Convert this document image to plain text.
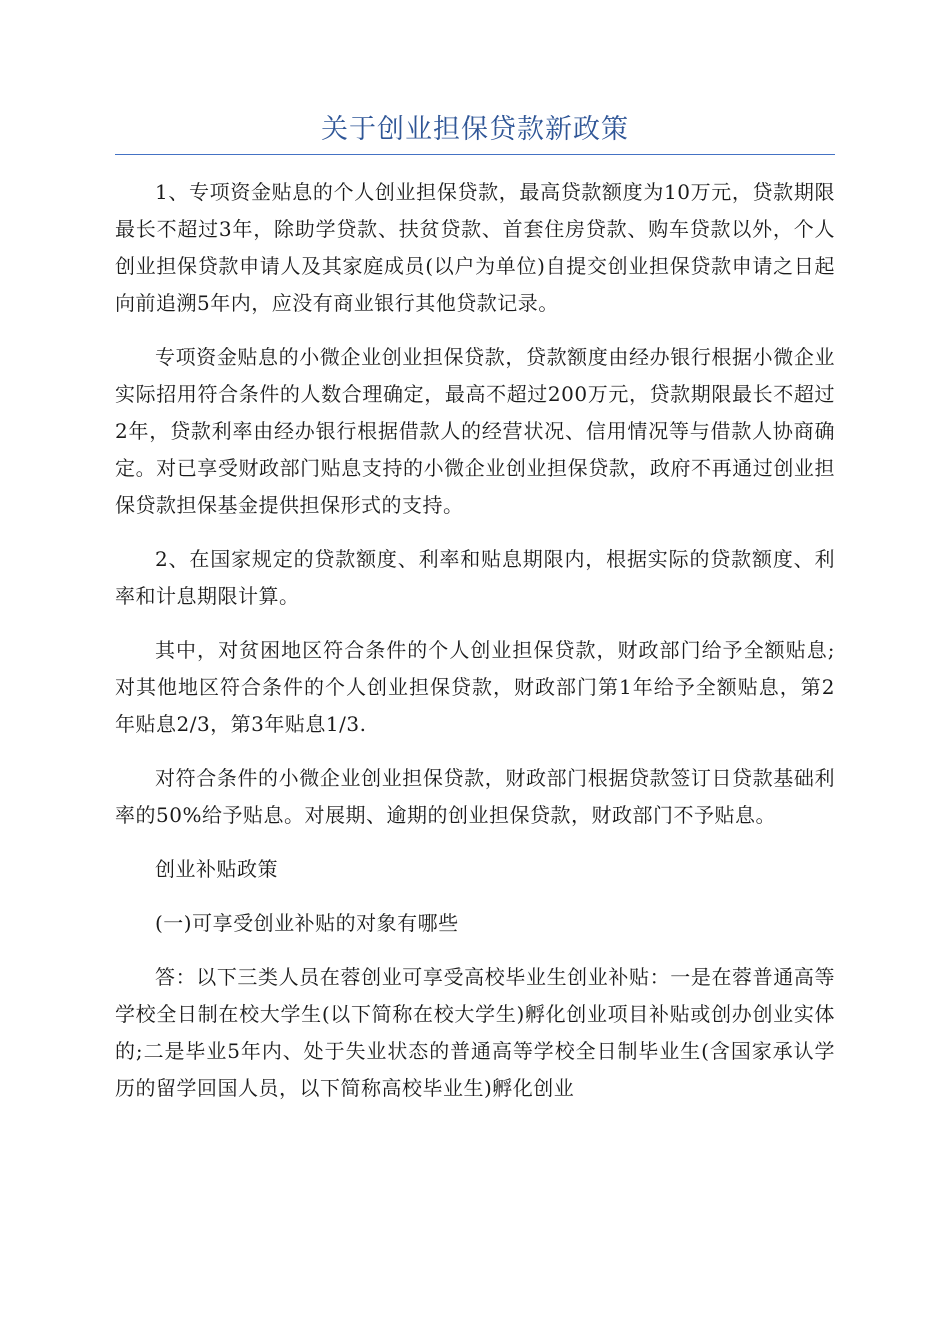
关于创业担保贷款新政策

1、专项资金贴息的个人创业担保贷款，最高贷款额度为10万元，贷款期限最长不超过3年，除助学贷款、扶贫贷款、首套住房贷款、购车贷款以外，个人创业担保贷款申请人及其家庭成员(以户为单位)自提交创业担保贷款申请之日起向前追溯5年内，应没有商业银行其他贷款记录。

专项资金贴息的小微企业创业担保贷款，贷款额度由经办银行根据小微企业实际招用符合条件的人数合理确定，最高不超过200万元，贷款期限最长不超过2年，贷款利率由经办银行根据借款人的经营状况、信用情况等与借款人协商确定。对已享受财政部门贴息支持的小微企业创业担保贷款，政府不再通过创业担保贷款担保基金提供担保形式的支持。

2、在国家规定的贷款额度、利率和贴息期限内，根据实际的贷款额度、利率和计息期限计算。

其中，对贫困地区符合条件的个人创业担保贷款，财政部门给予全额贴息;对其他地区符合条件的个人创业担保贷款，财政部门第1年给予全额贴息，第2年贴息2/3，第3年贴息1/3.

对符合条件的小微企业创业担保贷款，财政部门根据贷款签订日贷款基础利率的50%给予贴息。对展期、逾期的创业担保贷款，财政部门不予贴息。

创业补贴政策

(一)可享受创业补贴的对象有哪些

答：以下三类人员在蓉创业可享受高校毕业生创业补贴：一是在蓉普通高等学校全日制在校大学生(以下简称在校大学生)孵化创业项目补贴或创办创业实体的;二是毕业5年内、处于失业状态的普通高等学校全日制毕业生(含国家承认学历的留学回国人员，以下简称高校毕业生)孵化创业
